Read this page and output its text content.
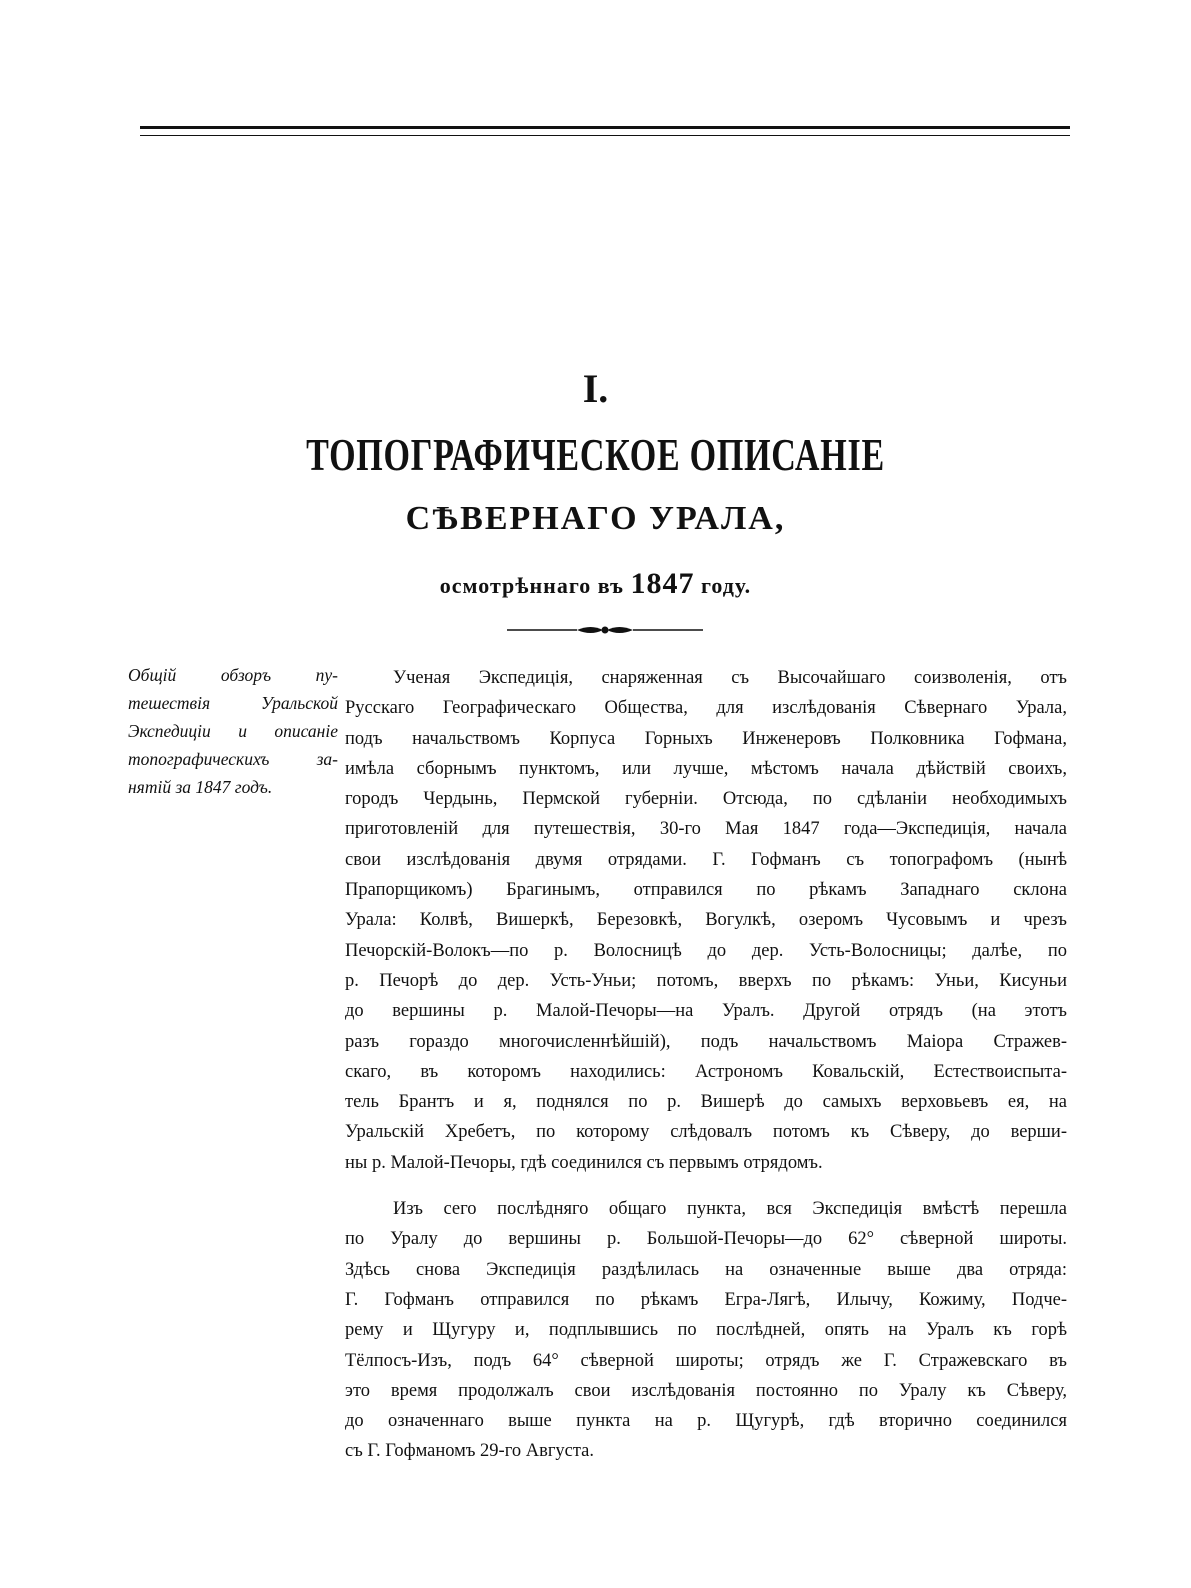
I.
ТОПОГРАФИЧЕСКОЕ ОПИСАНІЕ
СѢВЕРНАГО УРАЛА,
осмотрѣннаго въ 1847 году.
Общій обзоръ пу-
тешествія Уральской
Экспедиціи и описаніе
топографическихъ за-
нятій за 1847 годъ.
Ученая Экспедиція, снаряженная съ Высочайшаго соизволенія, отъ
Русскаго Географическаго Общества, для изслѣдованія Сѣвернаго Урала,
подъ начальствомъ Корпуса Горныхъ Инженеровъ Полковника Гофмана,
имѣла сборнымъ пунктомъ, или лучше, мѣстомъ начала дѣйствій своихъ,
городъ Чердынь, Пермской губерніи. Отсюда, по сдѣланіи необходимыхъ
приготовленій для путешествія, 30-го Мая 1847 года—Экспедиція, начала
свои изслѣдованія двумя отрядами. Г. Гофманъ съ топографомъ (нынѣ
Прапорщикомъ) Брагинымъ, отправился по рѣкамъ Западнаго склона
Урала: Колвѣ, Вишеркѣ, Березовкѣ, Вогулкѣ, озеромъ Чусовымъ и чрезъ
Печорскій-Волокъ—по р. Волосницѣ до дер. Усть-Волосницы; далѣе, по
р. Печорѣ до дер. Усть-Уньи; потомъ, вверхъ по рѣкамъ: Уньи, Кисуньи
до вершины р. Малой-Печоры—на Уралъ. Другой отрядъ (на этотъ
разъ гораздо многочисленнѣйшій), подъ начальствомъ Маіора Стражев-
скаго, въ которомъ находились: Астрономъ Ковальскій, Естествоиспыта-
тель Брантъ и я, поднялся по р. Вишерѣ до самыхъ верховьевъ ея, на
Уральскій Хребетъ, по которому слѣдовалъ потомъ къ Сѣверу, до верши-
ны р. Малой-Печоры, гдѣ соединился съ первымъ отрядомъ.
Изъ сего послѣдняго общаго пункта, вся Экспедиція вмѣстѣ перешла
по Уралу до вершины р. Большой-Печоры—до 62° сѣверной широты.
Здѣсь снова Экспедиція раздѣлилась на означенные выше два отряда:
Г. Гофманъ отправился по рѣкамъ Егра-Лягѣ, Илычу, Кожиму, Подче-
рему и Щугуру и, подплывшись по послѣдней, опять на Уралъ къ горѣ
Тёлпосъ-Изъ, подъ 64° сѣверной широты; отрядъ же Г. Стражевскаго въ
это время продолжалъ свои изслѣдованія постоянно по Уралу къ Сѣверу,
до означеннаго выше пункта на р. Щугурѣ, гдѣ вторично соединился
съ Г. Гофманомъ 29-го Августа.
